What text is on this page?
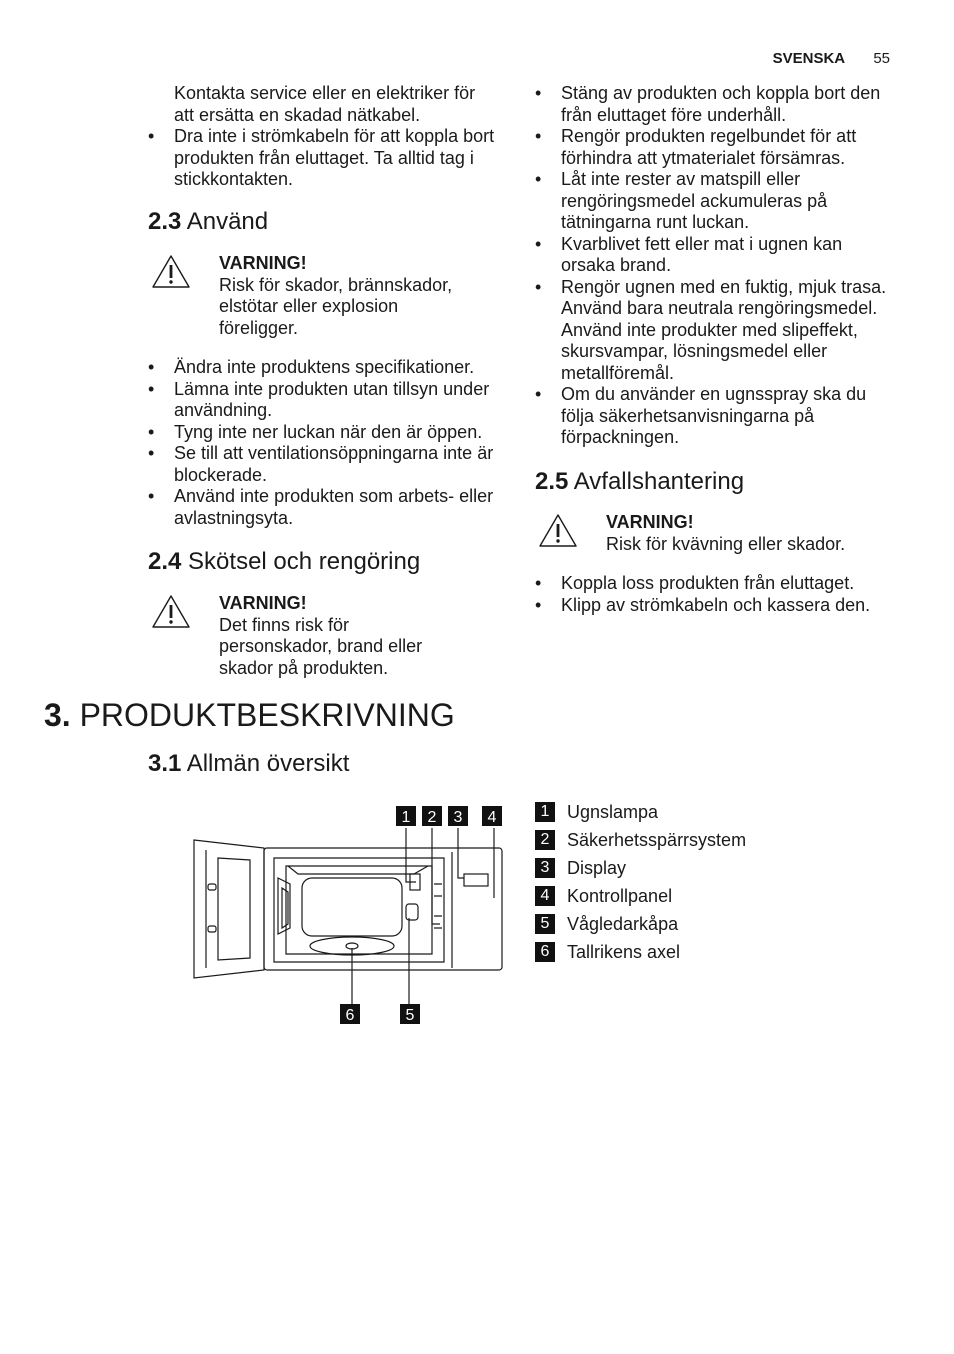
SVENSKA 55
Kontakta service eller en elektriker för att ersätta en skadad nätkabel.
• Dra inte i strömkabeln för att koppla bort produkten från eluttaget. Ta alltid tag i stickkontakten.
2.3 Använd
VARNING!
Risk för skador, brännskador, elstötar eller explosion föreligger.
• Ändra inte produktens specifikationer.
• Lämna inte produkten utan tillsyn under användning.
• Tyng inte ner luckan när den är öppen.
• Se till att ventilationsöppningarna inte är blockerade.
• Använd inte produkten som arbets- eller avlastningsyta.
2.4 Skötsel och rengöring
VARNING!
Det finns risk för personskador, brand eller skador på produkten.
• Stäng av produkten och koppla bort den från eluttaget före underhåll.
• Rengör produkten regelbundet för att förhindra att ytmaterialet försämras.
• Låt inte rester av matspill eller rengöringsmedel ackumuleras på tätningarna runt luckan.
• Kvarblivet fett eller mat i ugnen kan orsaka brand.
• Rengör ugnen med en fuktig, mjuk trasa. Använd bara neutrala rengöringsmedel. Använd inte produkter med slipeffekt, skursvampar, lösningsmedel eller metallföremål.
• Om du använder en ugnsspray ska du följa säkerhetsanvisningarna på förpackningen.
2.5 Avfallshantering
VARNING!
Risk för kvävning eller skador.
• Koppla loss produkten från eluttaget.
• Klipp av strömkabeln och kassera den.
3. PRODUKTBESKRIVNING
3.1 Allmän översikt
1 2 3 4
6	5
1 Ugnslampa
2 Säkerhetsspärrsystem
3 Display
4 Kontrollpanel
5 Vågledarkåpa
6 Tallrikens axel
